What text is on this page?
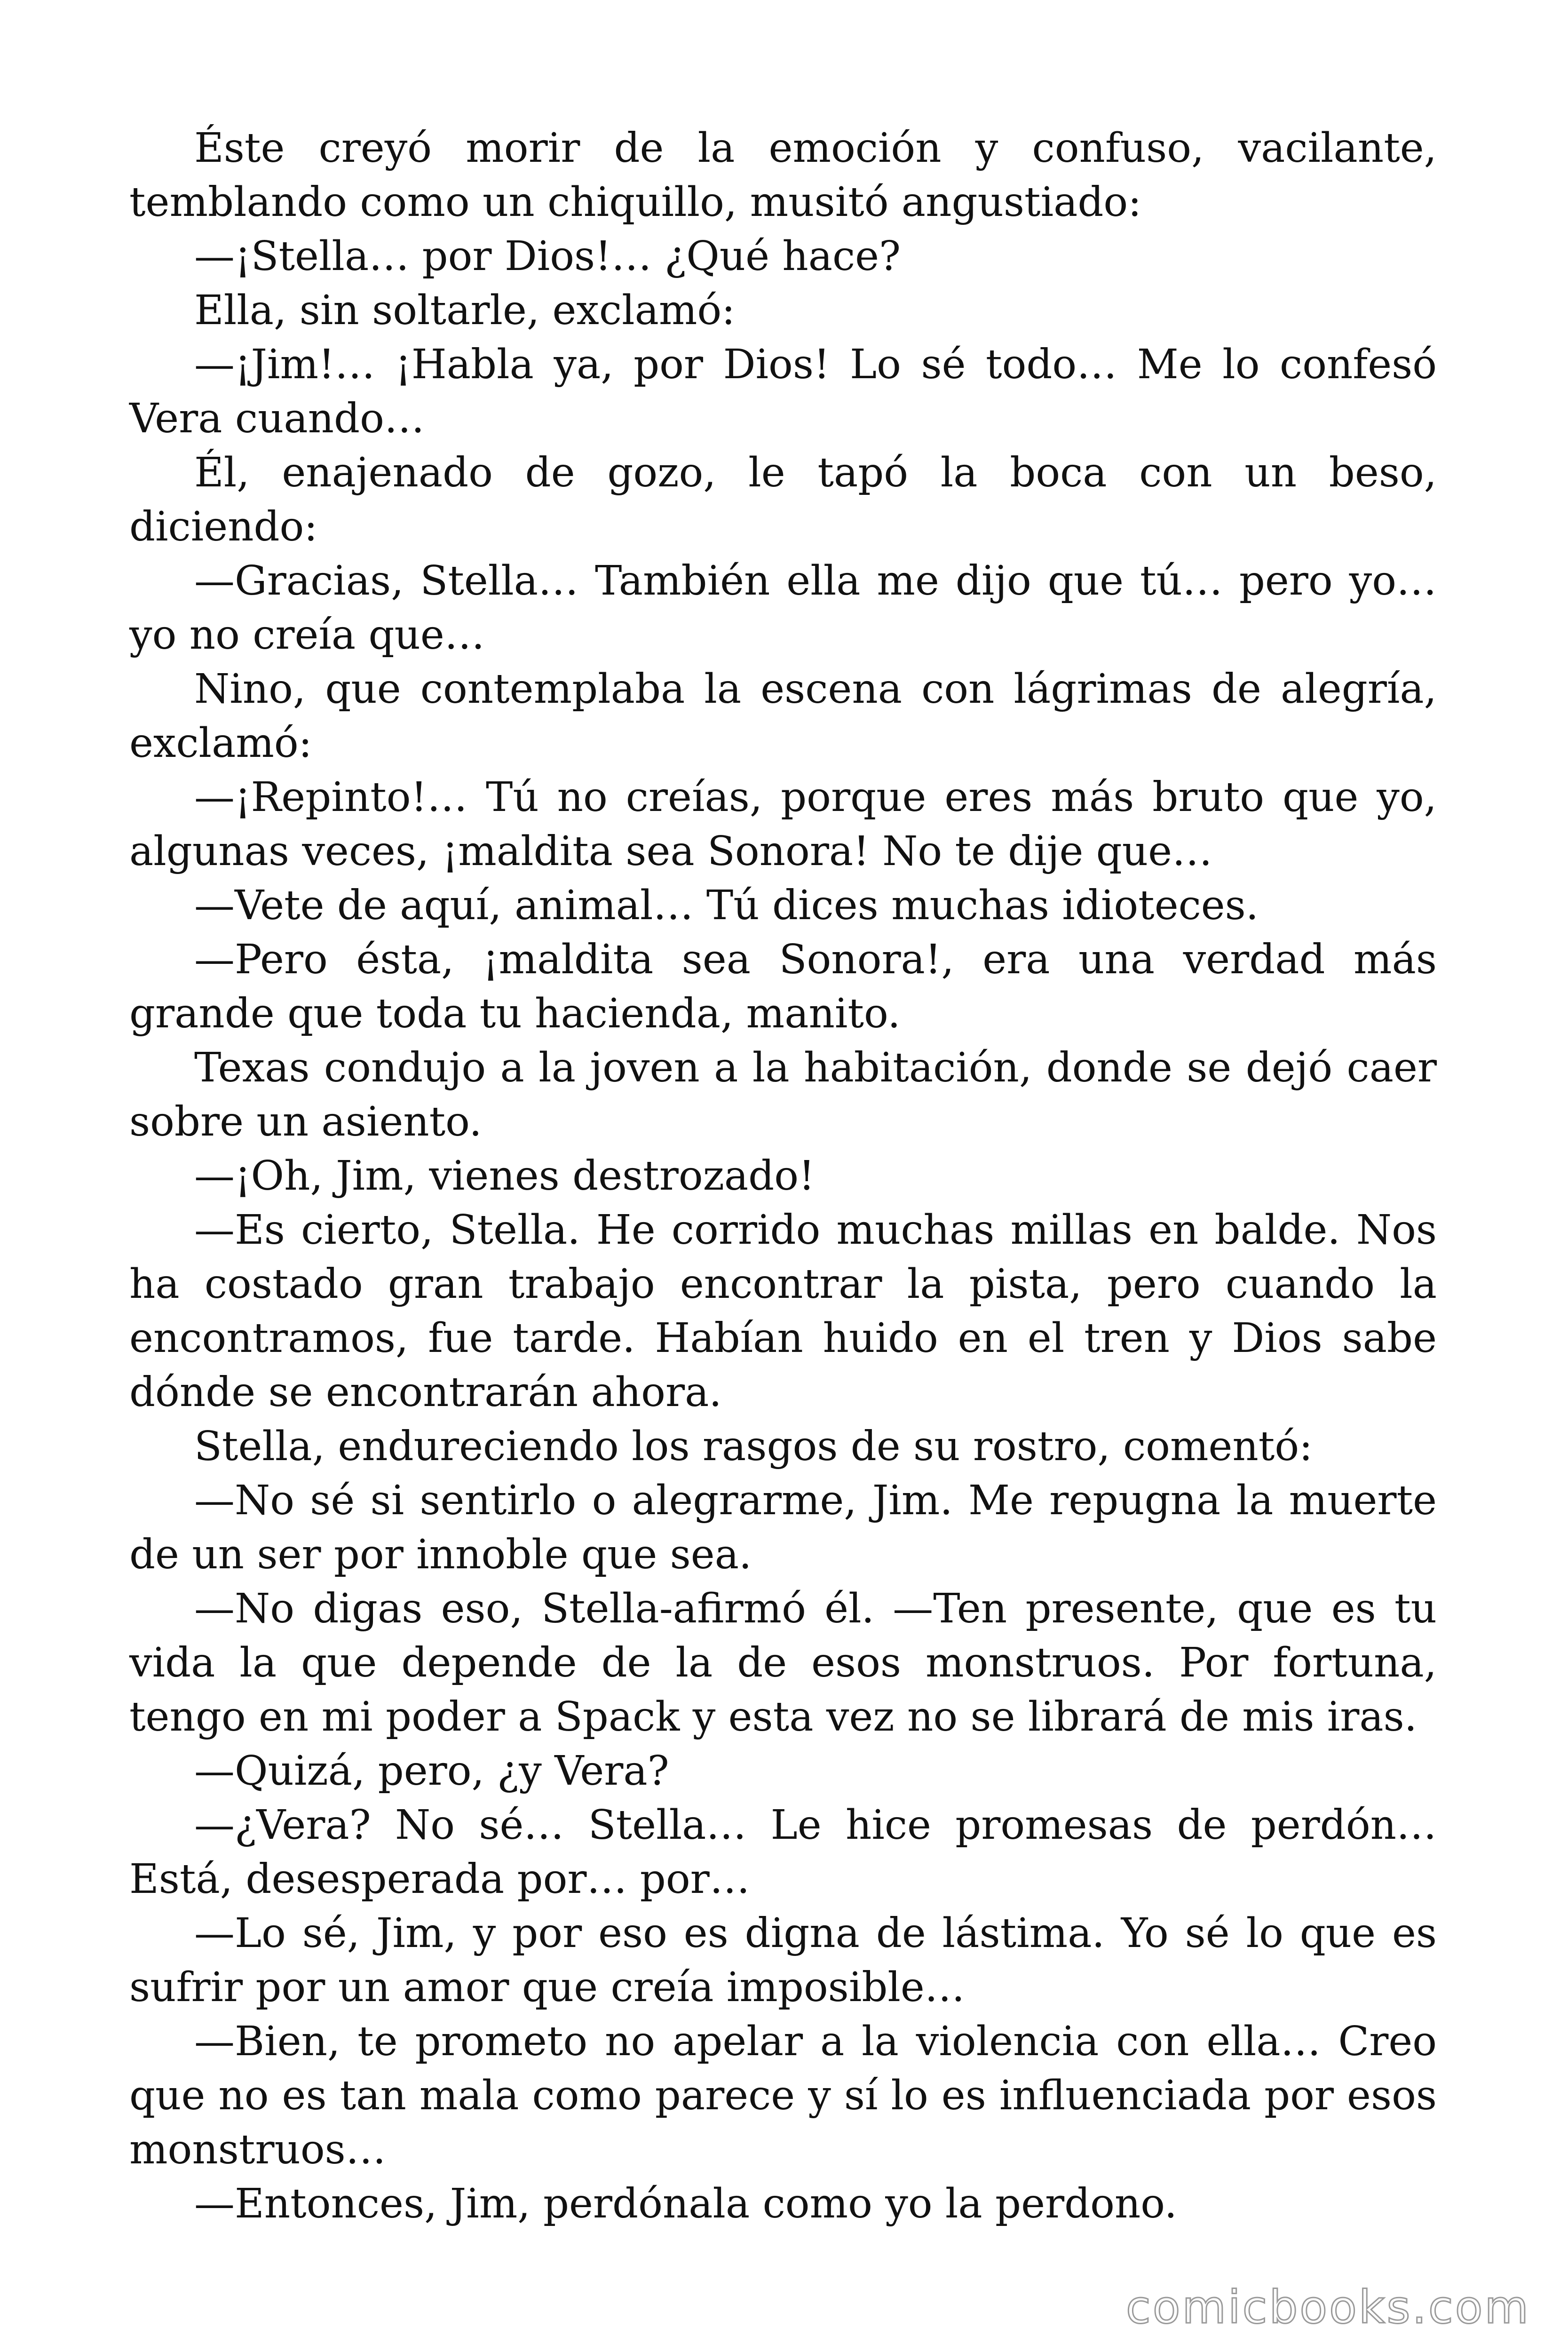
Éste creyó morir de la emoción y confuso, vacilante, temblando como un chiquillo, musitó angustiado:

—¡Stella… por Dios!… ¿Qué hace?

Ella, sin soltarle, exclamó:

—¡Jim!… ¡Habla ya, por Dios! Lo sé todo… Me lo confesó Vera cuando…

Él, enajenado de gozo, le tapó la boca con un beso, diciendo:

—Gracias, Stella… También ella me dijo que tú… pero yo… yo no creía que…

Nino, que contemplaba la escena con lágrimas de alegría, exclamó:

—¡Repinto!… Tú no creías, porque eres más bruto que yo, algunas veces, ¡maldita sea Sonora! No te dije que…

—Vete de aquí, animal… Tú dices muchas idioteces.

—Pero ésta, ¡maldita sea Sonora!, era una verdad más grande que toda tu hacienda, manito.

Texas condujo a la joven a la habitación, donde se dejó caer sobre un asiento.

—¡Oh, Jim, vienes destrozado!

—Es cierto, Stella. He corrido muchas millas en balde. Nos ha costado gran trabajo encontrar la pista, pero cuando la encontramos, fue tarde. Habían huido en el tren y Dios sabe dónde se encontrarán ahora.

Stella, endureciendo los rasgos de su rostro, comentó:

—No sé si sentirlo o alegrarme, Jim. Me repugna la muerte de un ser por innoble que sea.

—No digas eso, Stella-afirmó él. —Ten presente, que es tu vida la que depende de la de esos monstruos. Por fortuna, tengo en mi poder a Spack y esta vez no se librará de mis iras.

—Quizá, pero, ¿y Vera?

—¿Vera? No sé… Stella… Le hice promesas de perdón… Está, desesperada por… por…

—Lo sé, Jim, y por eso es digna de lástima. Yo sé lo que es sufrir por un amor que creía imposible…

—Bien, te prometo no apelar a la violencia con ella… Creo que no es tan mala como parece y sí lo es influenciada por esos monstruos…

—Entonces, Jim, perdónala como yo la perdono.

comicbooks.com
